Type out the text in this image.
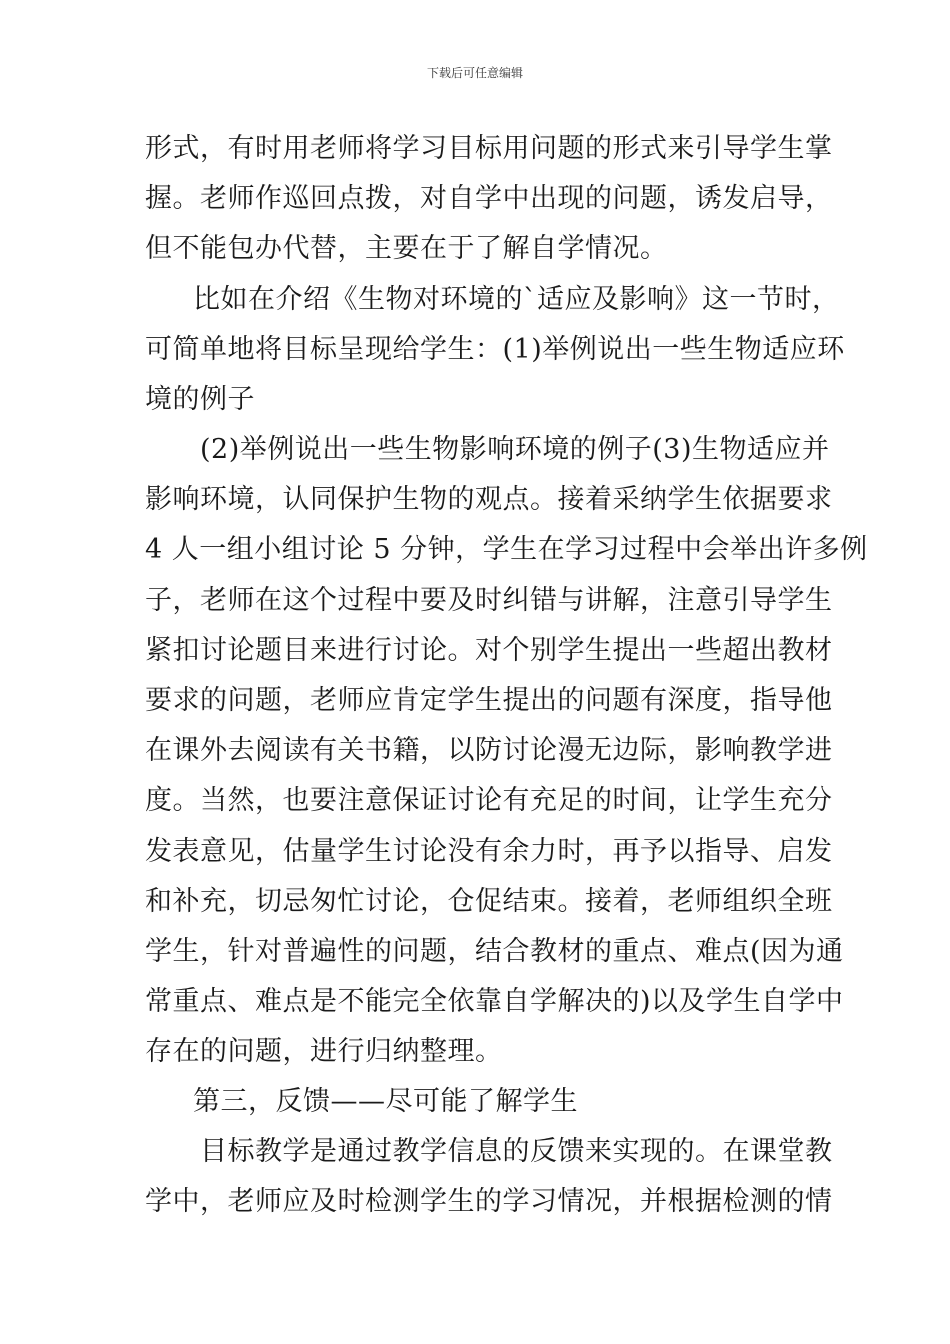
下载后可任意编辑
形式，有时用老师将学习目标用问题的形式来引导学生掌
握。老师作巡回点拨，对自学中出现的问题，诱发启导，
但不能包办代替，主要在于了解自学情况。
比如在介绍《生物对环境的`适应及影响》这一节时，
可简单地将目标呈现给学生：(1)举例说出一些生物适应环
境的例子
(2)举例说出一些生物影响环境的例子(3)生物适应并
影响环境，认同保护生物的观点。接着采纳学生依据要求
4 人一组小组讨论 5 分钟，学生在学习过程中会举出许多例
子，老师在这个过程中要及时纠错与讲解，注意引导学生
紧扣讨论题目来进行讨论。对个别学生提出一些超出教材
要求的问题，老师应肯定学生提出的问题有深度，指导他
在课外去阅读有关书籍，以防讨论漫无边际，影响教学进
度。当然，也要注意保证讨论有充足的时间，让学生充分
发表意见，估量学生讨论没有余力时，再予以指导、启发
和补充，切忌匆忙讨论，仓促结束。接着，老师组织全班
学生，针对普遍性的问题，结合教材的重点、难点(因为通
常重点、难点是不能完全依靠自学解决的)以及学生自学中
存在的问题，进行归纳整理。
第三，反馈——尽可能了解学生
目标教学是通过教学信息的反馈来实现的。在课堂教
学中，老师应及时检测学生的学习情况，并根据检测的情
